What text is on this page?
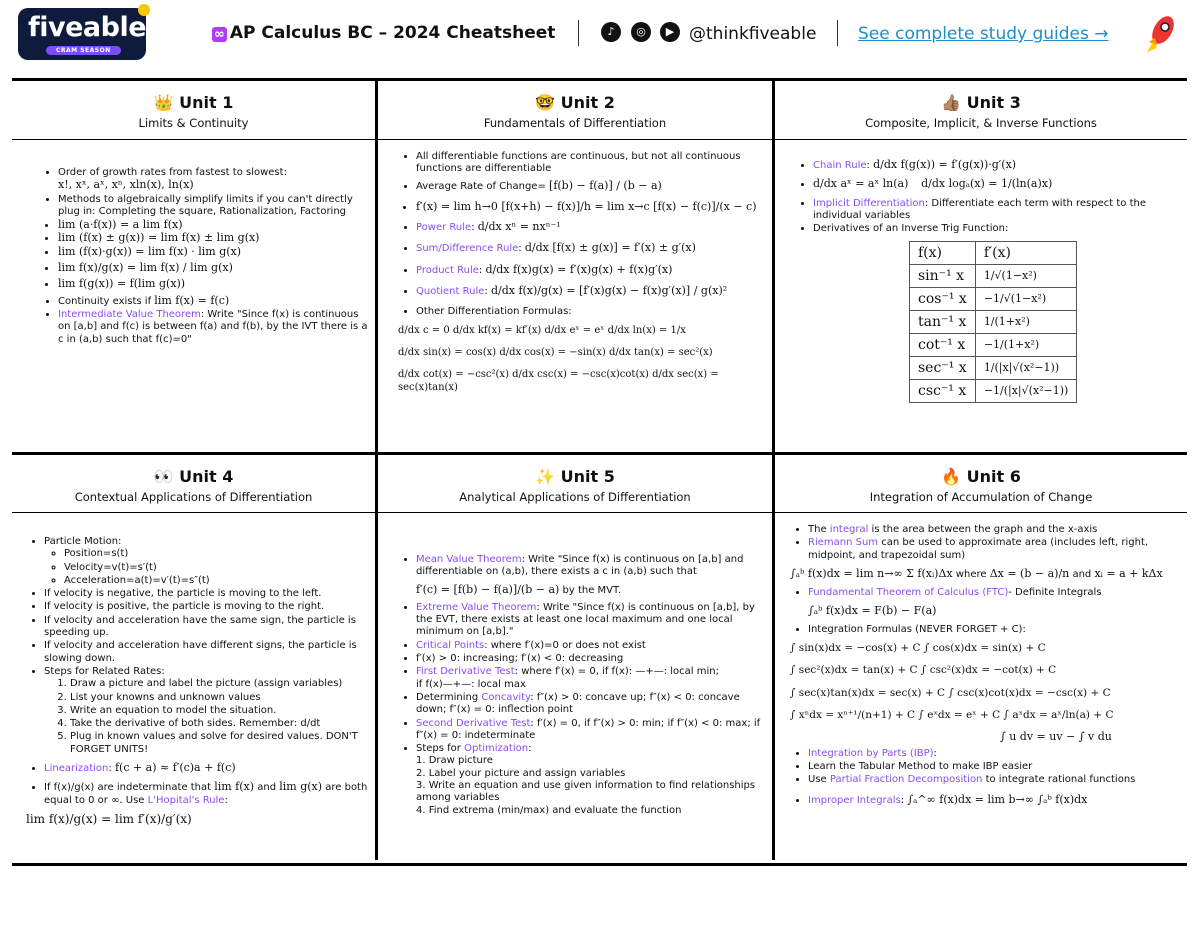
fiveable
CRAM SEASON
∞ AP Calculus BC – 2024 Cheatsheet	♪	◎	▶ @thinkfiveable See complete study guides →
👑 Unit 1
Limits & Continuity
🤓 Unit 2
Fundamentals of Differentiation
👍🏽 Unit 3
Composite, Implicit, & Inverse Functions
👀 Unit 4
Contextual Applications of Differentiation
✨ Unit 5
Analytical Applications of Differentiation
🔥 Unit 6
Integration of Accumulation of Change
• Order of growth rates from fastest to slowest:
x!, xˣ, aˣ, xⁿ, xln(x), ln(x)
• Methods to algebraically simplify limits if you can't directly plug in: Completing the square, Rationalization, Factoring
• lim (a·f(x)) = a lim f(x)
• lim (f(x) ± g(x)) = lim f(x) ± lim g(x)
• lim (f(x)·g(x)) = lim f(x) · lim g(x)
• lim f(x)/g(x) = lim f(x) / lim g(x)
• lim f(g(x)) = f(lim g(x))
• Continuity exists if lim f(x) = f(c)
• Intermediate Value Theorem: Write "Since f(x) is continuous on [a,b] and f(c) is between f(a) and f(b), by the IVT there is a c in (a,b) such that f(c)=0"
• All differentiable functions are continuous, but not all continuous functions are differentiable
• Average Rate of Change= [f(b) − f(a)] / (b − a)
• f′(x) = lim h→0 [f(x+h) − f(x)]/h = lim x→c [f(x) − f(c)]/(x − c)
• Power Rule: d/dx xⁿ = nxⁿ⁻¹
• Sum/Difference Rule: d/dx [f(x) ± g(x)] = f′(x) ± g′(x)
• Product Rule: d/dx f(x)g(x) = f′(x)g(x) + f(x)g′(x)
• Quotient Rule: d/dx f(x)/g(x) = [f′(x)g(x) − f(x)g′(x)] / g(x)²
• Other Differentiation Formulas:
d/dx c = 0 d/dx kf(x) = kf′(x) d/dx eˣ = eˣ d/dx ln(x) = 1/x
d/dx sin(x) = cos(x) d/dx cos(x) = −sin(x) d/dx tan(x) = sec²(x)
d/dx cot(x) = −csc²(x) d/dx csc(x) = −csc(x)cot(x) d/dx sec(x) = sec(x)tan(x)
• Chain Rule: d/dx f(g(x)) = f′(g(x))·g′(x)
• d/dx aˣ = aˣ ln(a) d/dx logₐ(x) = 1/(ln(a)x)
• Implicit Differentiation: Differentiate each term with respect to the individual variables
• Derivatives of an Inverse Trig Function:
f(x)	f′(x)
sin⁻¹ x	1/√(1−x²)
cos⁻¹ x	−1/√(1−x²)
tan⁻¹ x	1/(1+x²)
cot⁻¹ x	−1/(1+x²)
sec⁻¹ x	1/(|x|√(x²−1))
csc⁻¹ x	−1/(|x|√(x²−1))
• Particle Motion:
◦ Position=s(t)
◦ Velocity=v(t)=s′(t)
◦ Acceleration=a(t)=v′(t)=s″(t)
• If velocity is negative, the particle is moving to the left.
• If velocity is positive, the particle is moving to the right.
• If velocity and acceleration have the same sign, the particle is speeding up.
• If velocity and acceleration have different signs, the particle is slowing down.
• Steps for Related Rates:
1. Draw a picture and label the picture (assign variables)
2. List your knowns and unknown values
3. Write an equation to model the situation.
4. Take the derivative of both sides. Remember: d/dt
5. Plug in known values and solve for desired values. DON'T FORGET UNITS!
• Linearization: f(c + a) ≈ f′(c)a + f(c)
• If f(x)/g(x) are indeterminate that lim f(x) and lim g(x) are both equal to 0 or ∞. Use L'Hopital's Rule:
lim f(x)/g(x) = lim f′(x)/g′(x)
• Mean Value Theorem: Write "Since f(x) is continuous on [a,b] and differentiable on (a,b), there exists a c in (a,b) such that
f′(c) = [f(b) − f(a)]/(b − a) by the MVT.
• Extreme Value Theorem: Write "Since f(x) is continuous on [a,b], by the EVT, there exists at least one local maximum and one local minimum on [a,b]."
• Critical Points: where f′(x)=0 or does not exist
• f′(x) > 0: increasing; f′(x) < 0: decreasing
• First Derivative Test: where f′(x) = 0, if f(x): —+—: local min;
if f(x)—+—: local max
• Determining Concavity: f″(x) > 0: concave up; f″(x) < 0: concave down; f″(x) = 0: inflection point
• Second Derivative Test: f′(x) = 0, if f″(x) > 0: min; if f″(x) < 0: max; if f″(x) = 0: indeterminate
• Steps for Optimization:
1. Draw picture
2. Label your picture and assign variables
3. Write an equation and use given information to find relationships among variables
4. Find extrema (min/max) and evaluate the function
• The integral is the area between the graph and the x-axis
• Riemann Sum can be used to approximate area (includes left, right, midpoint, and trapezoidal sum)
∫ₐᵇ f(x)dx = lim n→∞ Σ f(xᵢ)Δx where Δx = (b − a)/n and xᵢ = a + kΔx
• Fundamental Theorem of Calculus (FTC)- Definite Integrals
∫ₐᵇ f(x)dx = F(b) − F(a)
• Integration Formulas (NEVER FORGET + C):
∫ sin(x)dx = −cos(x) + C ∫ cos(x)dx = sin(x) + C
∫ sec²(x)dx = tan(x) + C ∫ csc²(x)dx = −cot(x) + C
∫ sec(x)tan(x)dx = sec(x) + C ∫ csc(x)cot(x)dx = −csc(x) + C
∫ xⁿdx = xⁿ⁺¹/(n+1) + C ∫ eˣdx = eˣ + C ∫ aˣdx = aˣ/ln(a) + C
∫ u dv = uv − ∫ v du
• Integration by Parts (IBP):
• Learn the Tabular Method to make IBP easier
• Use Partial Fraction Decomposition to integrate rational functions
• Improper Integrals: ∫ₐ^∞ f(x)dx = lim b→∞ ∫ₐᵇ f(x)dx
